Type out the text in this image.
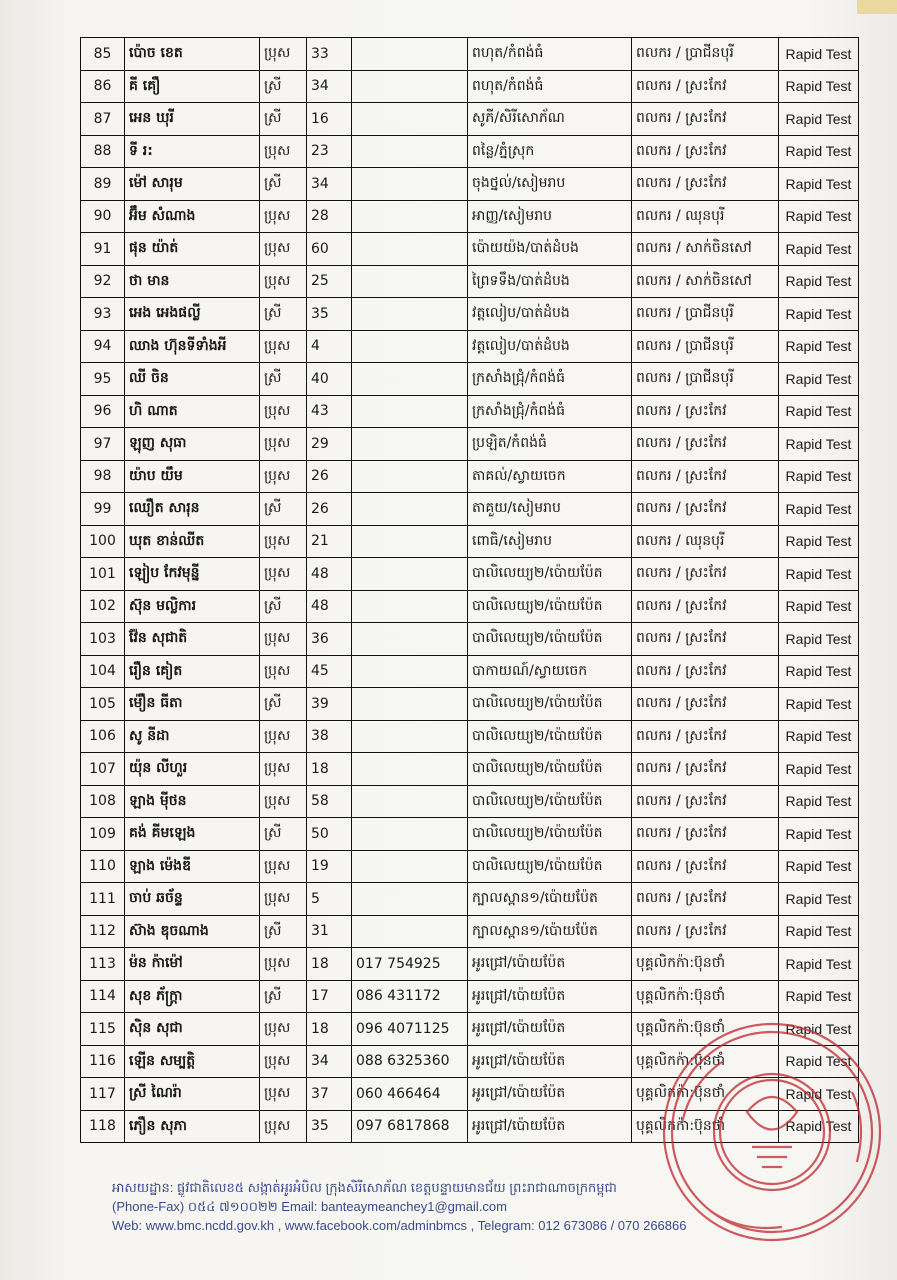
85	ប៉ោច ខេត	ប្រុស	33		ពហុត/កំពង់ធំ	ពលករ / ប្រាជីនបុរី	Rapid Test
86	គី គឿ	ស្រី	34		ពហុត/កំពង់ធំ	ពលករ / ស្រះកែវ	Rapid Test
87	អេន ឃុរី	ស្រី	16		សូភី/សិរីសោភ័ណ	ពលករ / ស្រះកែវ	Rapid Test
88	ទី រ:	ប្រុស	23		ពន្លៃ/ភ្នំស្រុក	ពលករ / ស្រះកែវ	Rapid Test
89	ម៉ៅ សារុម	ស្រី	34		ចុងថ្នល់/សៀមរាប	ពលករ / ស្រះកែវ	Rapid Test
90	អ៊ឹម សំណាង	ប្រុស	28		អាញ្ញ/សៀមរាប	ពលករ / ឈុនបុរី	Rapid Test
91	ផុន យ៉ាត់	ប្រុស	60		ប៉ោយយ៉ង/បាត់ដំបង	ពលករ / សាក់ចិនសៅ	Rapid Test
92	ថា មាន	ប្រុស	25		ព្រៃទទឹង/បាត់ដំបង	ពលករ / សាក់ចិនសៅ	Rapid Test
93	អេង អេងផល្លី	ស្រី	35		វត្តលៀប/បាត់ដំបង	ពលករ / ប្រាជីនបុរី	Rapid Test
94	ឈាង ហ៊ុនទីទាំងអី	ប្រុស	4		វត្តលៀប/បាត់ដំបង	ពលករ / ប្រាជីនបុរី	Rapid Test
95	ឈី ចិន	ស្រី	40		ក្រសាំងជ្រុំ/កំពង់ធំ	ពលករ / ប្រាជីនបុរី	Rapid Test
96	ហិ ណាត	ប្រុស	43		ក្រសាំងជ្រុំ/កំពង់ធំ	ពលករ / ស្រះកែវ	Rapid Test
97	ឡុញ សុធា	ប្រុស	29		ប្រឡិត/កំពង់ធំ	ពលករ / ស្រះកែវ	Rapid Test
98	យ៉ាប យឹម	ប្រុស	26		តាគល់/ស្វាយចេក	ពលករ / ស្រះកែវ	Rapid Test
99	ឈឿត សារុន	ស្រី	26		តាគួយ/សៀមរាប	ពលករ / ស្រះកែវ	Rapid Test
100	ឃុត ខាន់ឈីត	ប្រុស	21		ពោធិ/សៀមរាប	ពលករ / ឈុនបុរី	Rapid Test
101	ឡៀប កែវមុន្នី	ប្រុស	48		បាលិលេយ្យ២/ប៉ោយប៉ែត	ពលករ / ស្រះកែវ	Rapid Test
102	ស៊ុន មល្លិការ	ស្រី	48		បាលិលេយ្យ២/ប៉ោយប៉ែត	ពលករ / ស្រះកែវ	Rapid Test
103	វ៉ែន សុជាតិ	ប្រុស	36		បាលិលេយ្យ២/ប៉ោយប៉ែត	ពលករ / ស្រះកែវ	Rapid Test
104	រឿន គៀត	ប្រុស	45		បាកាយណ៍/ស្វាយចេក	ពលករ / ស្រះកែវ	Rapid Test
105	ម៉ឿន ធីតា	ស្រី	39		បាលិលេយ្យ២/ប៉ោយប៉ែត	ពលករ / ស្រះកែវ	Rapid Test
106	សូ នីដា	ប្រុស	38		បាលិលេយ្យ២/ប៉ោយប៉ែត	ពលករ / ស្រះកែវ	Rapid Test
107	យ៉ុន លីហួរ	ប្រុស	18		បាលិលេយ្យ២/ប៉ោយប៉ែត	ពលករ / ស្រះកែវ	Rapid Test
108	ឡាង ម៉ីថន	ប្រុស	58		បាលិលេយ្យ២/ប៉ោយប៉ែត	ពលករ / ស្រះកែវ	Rapid Test
109	គង់ គីមឡេង	ស្រី	50		បាលិលេយ្យ២/ប៉ោយប៉ែត	ពលករ / ស្រះកែវ	Rapid Test
110	ឡាង ម៉េងឌី	ប្រុស	19		បាលិលេយ្យ២/ប៉ោយប៉ែត	ពលករ / ស្រះកែវ	Rapid Test
111	ចាប់ ឆច័ន្ទ	ប្រុស	5		ក្បាលស្ពាន១/ប៉ោយប៉ែត	ពលករ / ស្រះកែវ	Rapid Test
112	ស៊ាង ឌុចណាង	ស្រី	31		ក្បាលស្ពាន១/ប៉ោយប៉ែត	ពលករ / ស្រះកែវ	Rapid Test
113	ម៉ន ក៉ាម៉ៅ	ប្រុស	18	017 754925	អូរជ្រៅ/ប៉ោយប៉ែត	បុគ្គលិកក៉ា:ប៊ុនថាំ	Rapid Test
114	សុខ ភ័ក្រ្តា	ស្រី	17	086 431172	អូរជ្រៅ/ប៉ោយប៉ែត	បុគ្គលិកក៉ា:ប៊ុនថាំ	Rapid Test
115	ស៊ិន សុជា	ប្រុស	18	096 4071125	អូរជ្រៅ/ប៉ោយប៉ែត	បុគ្គលិកក៉ា:ប៊ុនថាំ	Rapid Test
116	ឡើន សម្បត្តិ	ប្រុស	34	088 6325360	អូរជ្រៅ/ប៉ោយប៉ែត	បុគ្គលិកក៉ា:ប៊ុនថាំ	Rapid Test
117	ស្រី ណៃរ៉ា	ប្រុស	37	060 466464	អូរជ្រៅ/ប៉ោយប៉ែត	បុគ្គលិកក៉ា:ប៊ុនថាំ	Rapid Test
118	ភឿន សុភា	ប្រុស	35	097 6817868	អូរជ្រៅ/ប៉ោយប៉ែត	បុគ្គលិកក៉ា:ប៊ុនថាំ	Rapid Test
អាសយដ្ឋាន: ផ្លូវជាតិលេខ៥ សង្កាត់អូរអំបិល ក្រុងសិរីសោភ័ណ ខេត្តបន្ទាយមានជ័យ ព្រះរាជាណាចក្រកម្ពុជា
(Phone-Fax) ០៥៤ ៧១០០២២ Email: banteaymeanchey1@gmail.com
Web: www.bmc.ncdd.gov.kh , www.facebook.com/adminbmcs , Telegram: 012 673086 / 070 266866
